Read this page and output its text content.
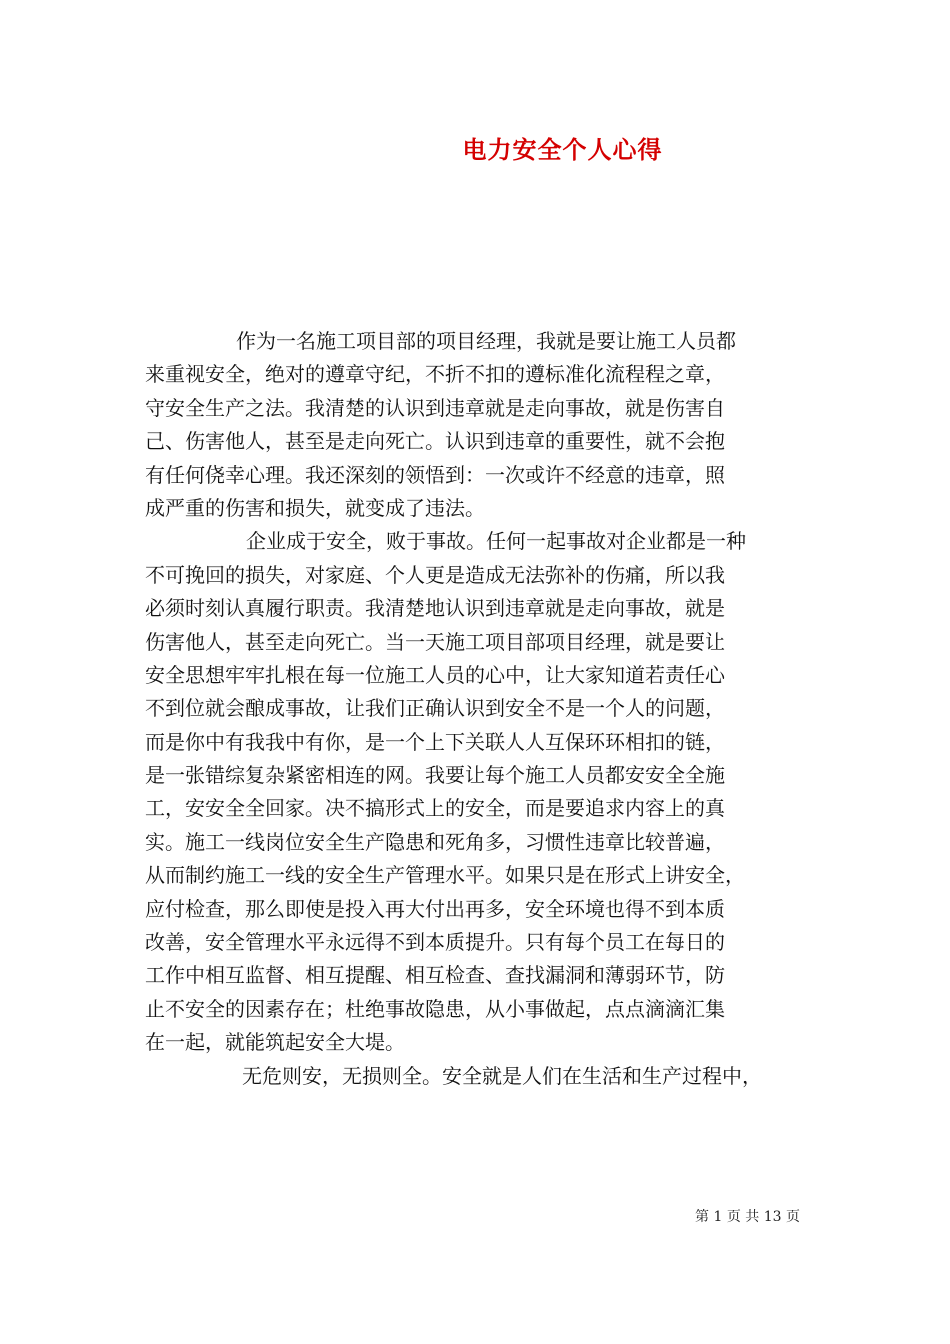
电力安全个人心得
作为一名施工项目部的项目经理，我就是要让施工人员都
来重视安全，绝对的遵章守纪，不折不扣的遵标准化流程程之章，
守安全生产之法。我清楚的认识到违章就是走向事故，就是伤害自
己、伤害他人，甚至是走向死亡。认识到违章的重要性，就不会抱
有任何侥幸心理。我还深刻的领悟到：一次或许不经意的违章，照
成严重的伤害和损失，就变成了违法。
企业成于安全，败于事故。任何一起事故对企业都是一种
不可挽回的损失，对家庭、个人更是造成无法弥补的伤痛，所以我
必须时刻认真履行职责。我清楚地认识到违章就是走向事故，就是
伤害他人，甚至走向死亡。当一天施工项目部项目经理，就是要让
安全思想牢牢扎根在每一位施工人员的心中，让大家知道若责任心
不到位就会酿成事故，让我们正确认识到安全不是一个人的问题，
而是你中有我我中有你，是一个上下关联人人互保环环相扣的链，
是一张错综复杂紧密相连的网。我要让每个施工人员都安安全全施
工，安安全全回家。决不搞形式上的安全，而是要追求内容上的真
实。施工一线岗位安全生产隐患和死角多，习惯性违章比较普遍，
从而制约施工一线的安全生产管理水平。如果只是在形式上讲安全，
应付检查，那么即使是投入再大付出再多，安全环境也得不到本质
改善，安全管理水平永远得不到本质提升。只有每个员工在每日的
工作中相互监督、相互提醒、相互检查、查找漏洞和薄弱环节，防
止不安全的因素存在；杜绝事故隐患，从小事做起，点点滴滴汇集
在一起，就能筑起安全大堤。
无危则安，无损则全。安全就是人们在生活和生产过程中，
第 1 页 共 13 页
